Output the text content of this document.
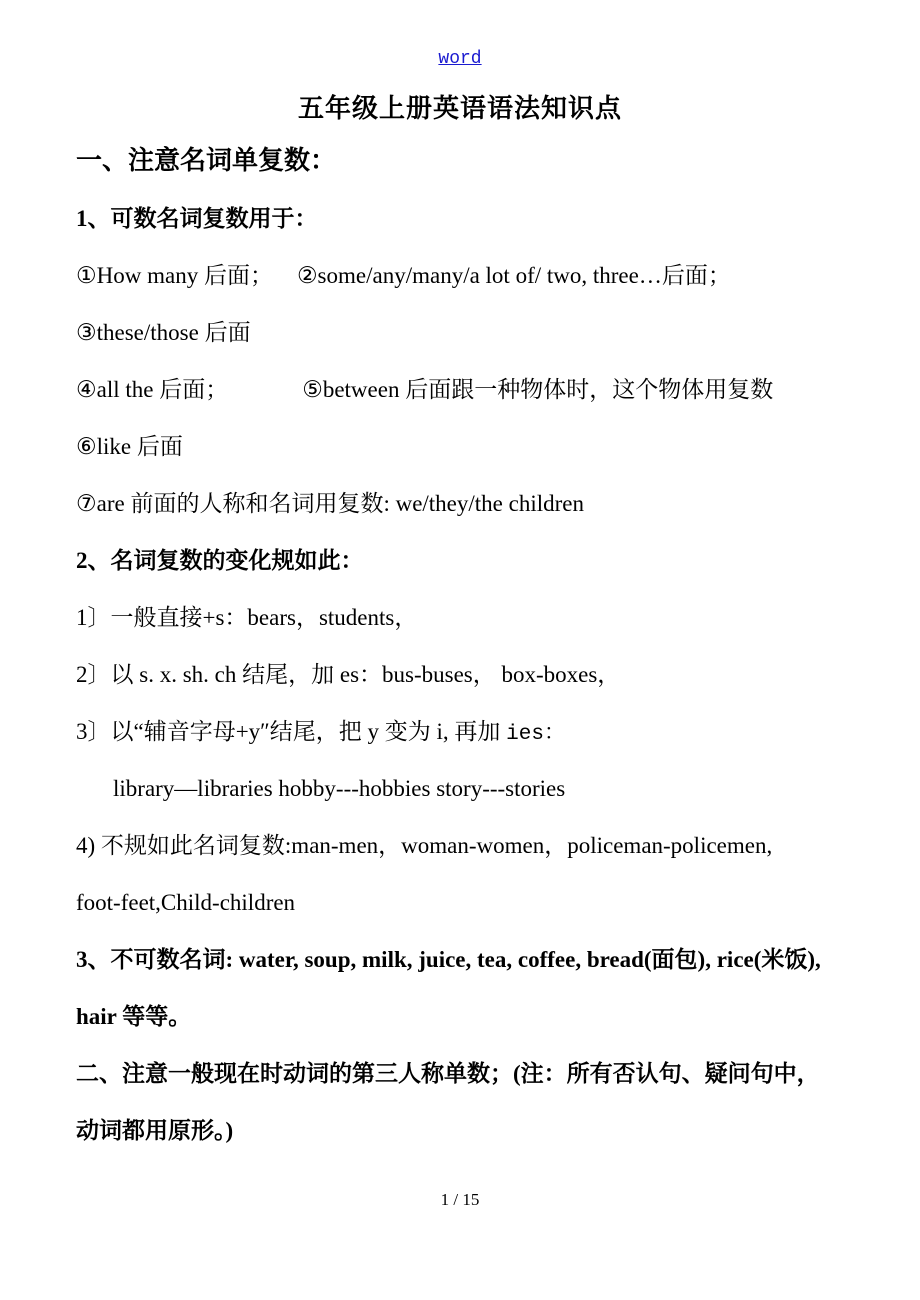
word
五年级上册英语语法知识点
一、注意名词单复数：
1、可数名词复数用于：
①How many 后面； ②some/any/many/a lot of/ two, three…后面；
③these/those 后面
④all the 后面；	⑤between 后面跟一种物体时，这个物体用复数
⑥like 后面
⑦are 前面的人称和名词用复数: we/they/the children
2、名词复数的变化规如此：
1〕一般直接+s：bears，students，
2〕以 s. x. sh. ch 结尾，加 es：bus-buses， box-boxes，
3〕以“辅音字母+y″结尾，把 y 变为 i, 再加 ies：
library—libraries hobby---hobbies story---stories
4) 不规如此名词复数:man-men，woman-women，policeman-policemen,
foot-feet,Child-children
3、不可数名词: water, soup, milk, juice, tea, coffee, bread(面包), rice(米饭),
hair 等等。
二、注意一般现在时动词的第三人称单数；(注：所有否认句、疑问句中，
动词都用原形。)
1 / 15
